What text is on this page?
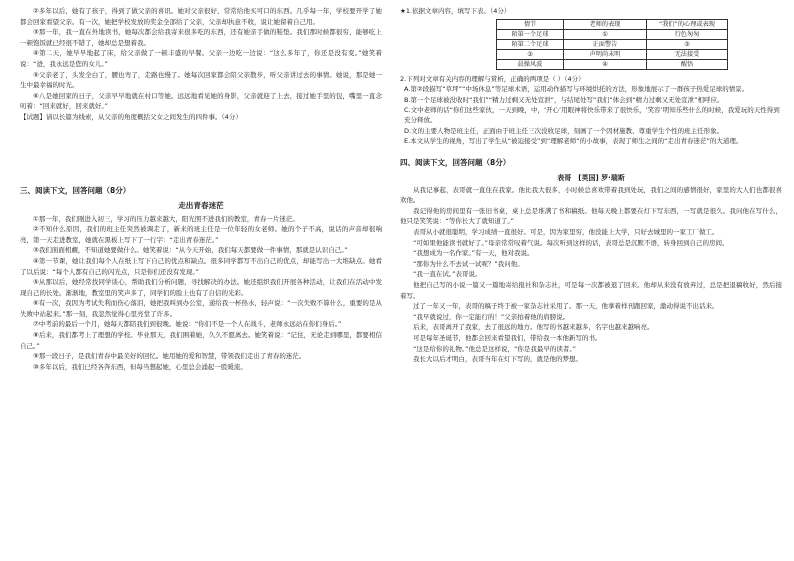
②多年以后，她有了孩子，得到了做父亲的喜讯。她对父亲很好，常常给他买可口的东西。几乎每一年，学校要开学了她都会回家看望父亲。有一次，她把学校发放的奖金全部给了父亲，父亲却执意不收，说让她留着自己用。

③那一年，我一直在外地读书，她每次都会给我寄来很多吃的东西，还有她亲手做的鞋垫。我们那时候都很穷，能够吃上一顿饱饭就已经很不错了，她却总是想着我。

④第二天，她早早地起了床，给父亲做了一顿丰盛的早餐。父亲一边吃一边说：“这么多年了，你还是没有变。”她笑着说：“爸，我永远是您的女儿。”

⑤父亲老了，头发全白了，腰也弯了，走路也慢了。她每次回家都会陪父亲散步，听父亲讲过去的事情。她说，那是她一生中最幸福的时光。

⑥八是她回家的日子，父亲早早地就在村口等她。远远地看见她的身影，父亲就迎了上去，接过她手里的包，嘴里一直念叨着：“回来就好，回来就好。”

【试题】请以长篇为线索，从父亲的角度概括父女之间发生的四件事。（4分）

三、阅读下文，回答问题（8分）

走出青春迷茫

①那一年，我们刚进入初三，学习的压力越来越大，阳光照不进我们的教室，青春一片迷茫。

②不知什么原因，我们的班主任突然被调走了，新来的班主任是一位年轻的女老师。她的个子不高，说话的声音却很响亮，第一天走进教室，她就在黑板上写下了一行字：“走出青春迷茫。”

③我们面面相觑，不知道她要做什么。她笑着说：“从今天开始，我们每天都要做一件事情，那就是认识自己。”

④第一节课，她让我们每个人在纸上写下自己的优点和缺点。很多同学都写不出自己的优点，却能写出一大堆缺点。她看了以后说：“每个人都有自己的闪光点，只是你们还没有发现。”

⑤从那以后，她经常找同学谈心，帮助我们分析问题，寻找解决的办法。她还组织我们开展各种活动，让我们在活动中发现自己的长处。渐渐地，教室里的笑声多了，同学们的脸上也有了自信的光彩。

⑥有一次，我因为考试失利而伤心落泪，她把我叫到办公室，递给我一杯热水，轻声说：“一次失败不算什么，重要的是从失败中站起来。”那一刻，我忽然觉得心里亮堂了许多。

⑦中考前的最后一个月，她每天都陪我们到很晚。她说：“你们不是一个人在战斗，老师永远站在你们身后。”

⑧后来，我们都考上了理想的学校。毕业那天，我们围着她，久久不愿离去。她笑着说：“记住，无论走到哪里，都要相信自己。”

⑨那一段日子，是我们青春中最美好的回忆。她用她的爱和智慧，带领我们走出了青春的迷茫。

⑩多年以后，我们已经各奔东西，但每当想起她，心里总会涌起一股暖流。

★1.依据文章内容，填写下表。（4分）

情节	老师的表现	“我们”的心理或表现
陌第一个足球	①	行色匆匆
陌第二个足球	正面警告	③
③	声明尚未明	无法接受
晨操风波	④	醒悟

2.下列对文章有关内容的理解与赏析，正确的两项是（ ）（4分）

A.第②段描写“草坪”“中场休息”等足球术语，运用动作描写与环境烘托的方法，形象地展示了一群孩子热爱足球的情景。

B.第一个足球被没收时“我们”“精力过剩又无处宣泄”，与结尾处写“我们”体会到“精力过剩又无处宣泄”相呼应。

C.文中老师的话“你们这些家伙，一天到晚，中，‘开心’用眼神将快乐带来了很快乐，‘笑容’明知乐些什么的时候，我爱玩的天性得到充分释放。

D.文的主要人物是班主任，正面由于班主任三次没收足球，刻画了一个因材施教、尊重学生个性的班主任形象。

E.本文从学生的视角，写出了学生从“被迫接受”到“理解老师”的小故事，表现了师生之间的“走出青春迷茫”的大道理。

四、阅读下文，回答问题（8分）

表哥　[英国] 罗·瑞斯

从我记事起，表哥就一直住在我家。他比我大很多，小时候总喜欢带着我到处玩，我们之间的感情很好，家里的大人们也都很喜欢他。

我记得他的房间里有一张旧书桌，桌上总是堆满了书和稿纸。他每天晚上都要在灯下写东西，一写就是很久。我问他在写什么，他只是笑笑说：“等你长大了就知道了。”

表哥从小就很聪明，学习成绩一直很好。可是，因为家里穷，他没能上大学，只好去城里的一家工厂做工。

“可如果他能读书就好了。”母亲常常叹着气说。每次听到这样的话，表哥总是沉默不语，转身回到自己的房间。

“我想成为一名作家。”有一天，他对我说。

“那你为什么不去试一试呢？”我问他。

“我一直在试。”表哥说。

他把自己写的小说一篇又一篇地寄给报社和杂志社，可是每一次都被退了回来。他却从来没有放弃过，总是把退稿收好，然后接着写。

过了一年又一年，表哥的稿子终于被一家杂志社采用了。那一天，他拿着样刊跑回家，激动得说不出话来。

“我早就说过，你一定能行的！”父亲拍着他的肩膀说。

后来，表哥离开了我家，去了很远的地方。他写的书越来越多，名字也越来越响亮。

可是每年圣诞节，他都会回来看望我们，带给我一本他新写的书。

“这是给你的礼物。”他总是这样说，“你是我最早的读者。”

我长大以后才明白，表哥当年在灯下写的，就是他的梦想。
